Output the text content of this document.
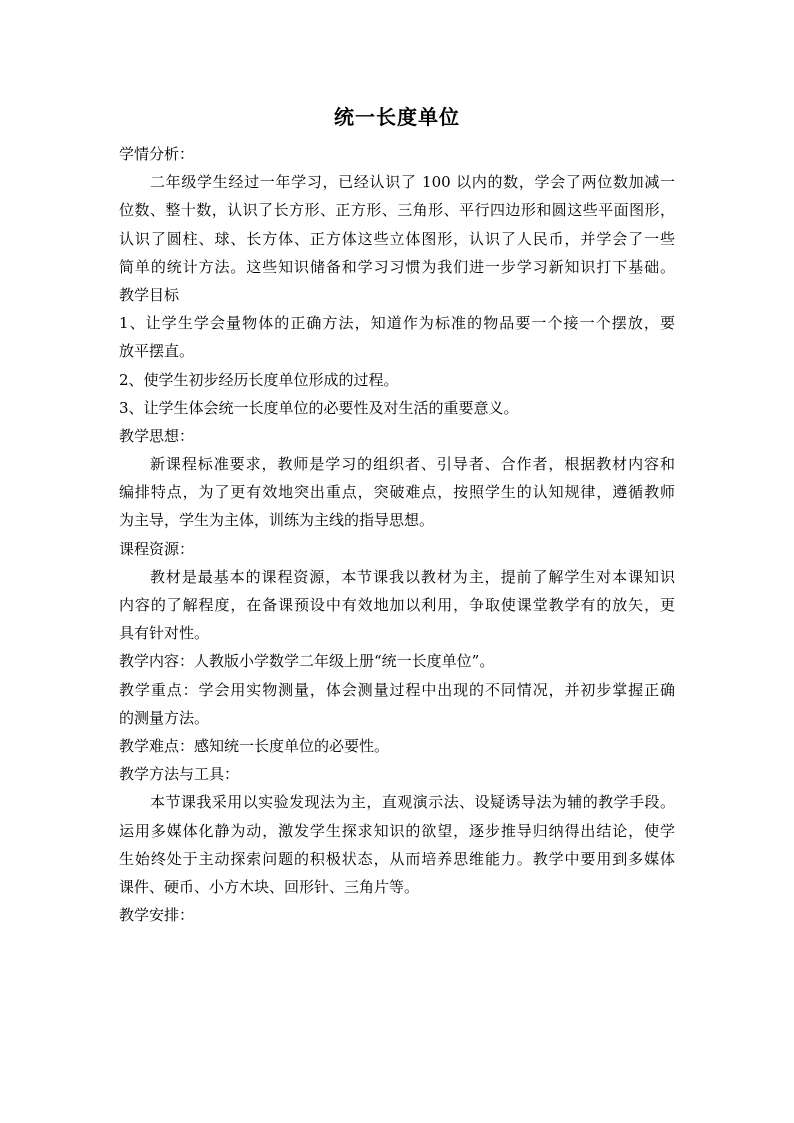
统一长度单位
学情分析：
二年级学生经过一年学习，已经认识了 100 以内的数，学会了两位数加减一
位数、整十数，认识了长方形、正方形、三角形、平行四边形和圆这些平面图形，
认识了圆柱、球、长方体、正方体这些立体图形，认识了人民币，并学会了一些
简单的统计方法。这些知识储备和学习习惯为我们进一步学习新知识打下基础。
教学目标
1、让学生学会量物体的正确方法，知道作为标准的物品要一个接一个摆放，要
放平摆直。
2、使学生初步经历长度单位形成的过程。
3、让学生体会统一长度单位的必要性及对生活的重要意义。
教学思想：
新课程标准要求，教师是学习的组织者、引导者、合作者，根据教材内容和
编排特点，为了更有效地突出重点，突破难点，按照学生的认知规律，遵循教师
为主导，学生为主体，训练为主线的指导思想。
课程资源：
教材是最基本的课程资源，本节课我以教材为主，提前了解学生对本课知识
内容的了解程度，在备课预设中有效地加以利用，争取使课堂教学有的放矢，更
具有针对性。
教学内容：人教版小学数学二年级上册“统一长度单位”。
教学重点：学会用实物测量，体会测量过程中出现的不同情况，并初步掌握正确
的测量方法。
教学难点：感知统一长度单位的必要性。
教学方法与工具：
本节课我采用以实验发现法为主，直观演示法、设疑诱导法为辅的教学手段。
运用多媒体化静为动，激发学生探求知识的欲望，逐步推导归纳得出结论，使学
生始终处于主动探索问题的积极状态，从而培养思维能力。教学中要用到多媒体
课件、硬币、小方木块、回形针、三角片等。
教学安排：
